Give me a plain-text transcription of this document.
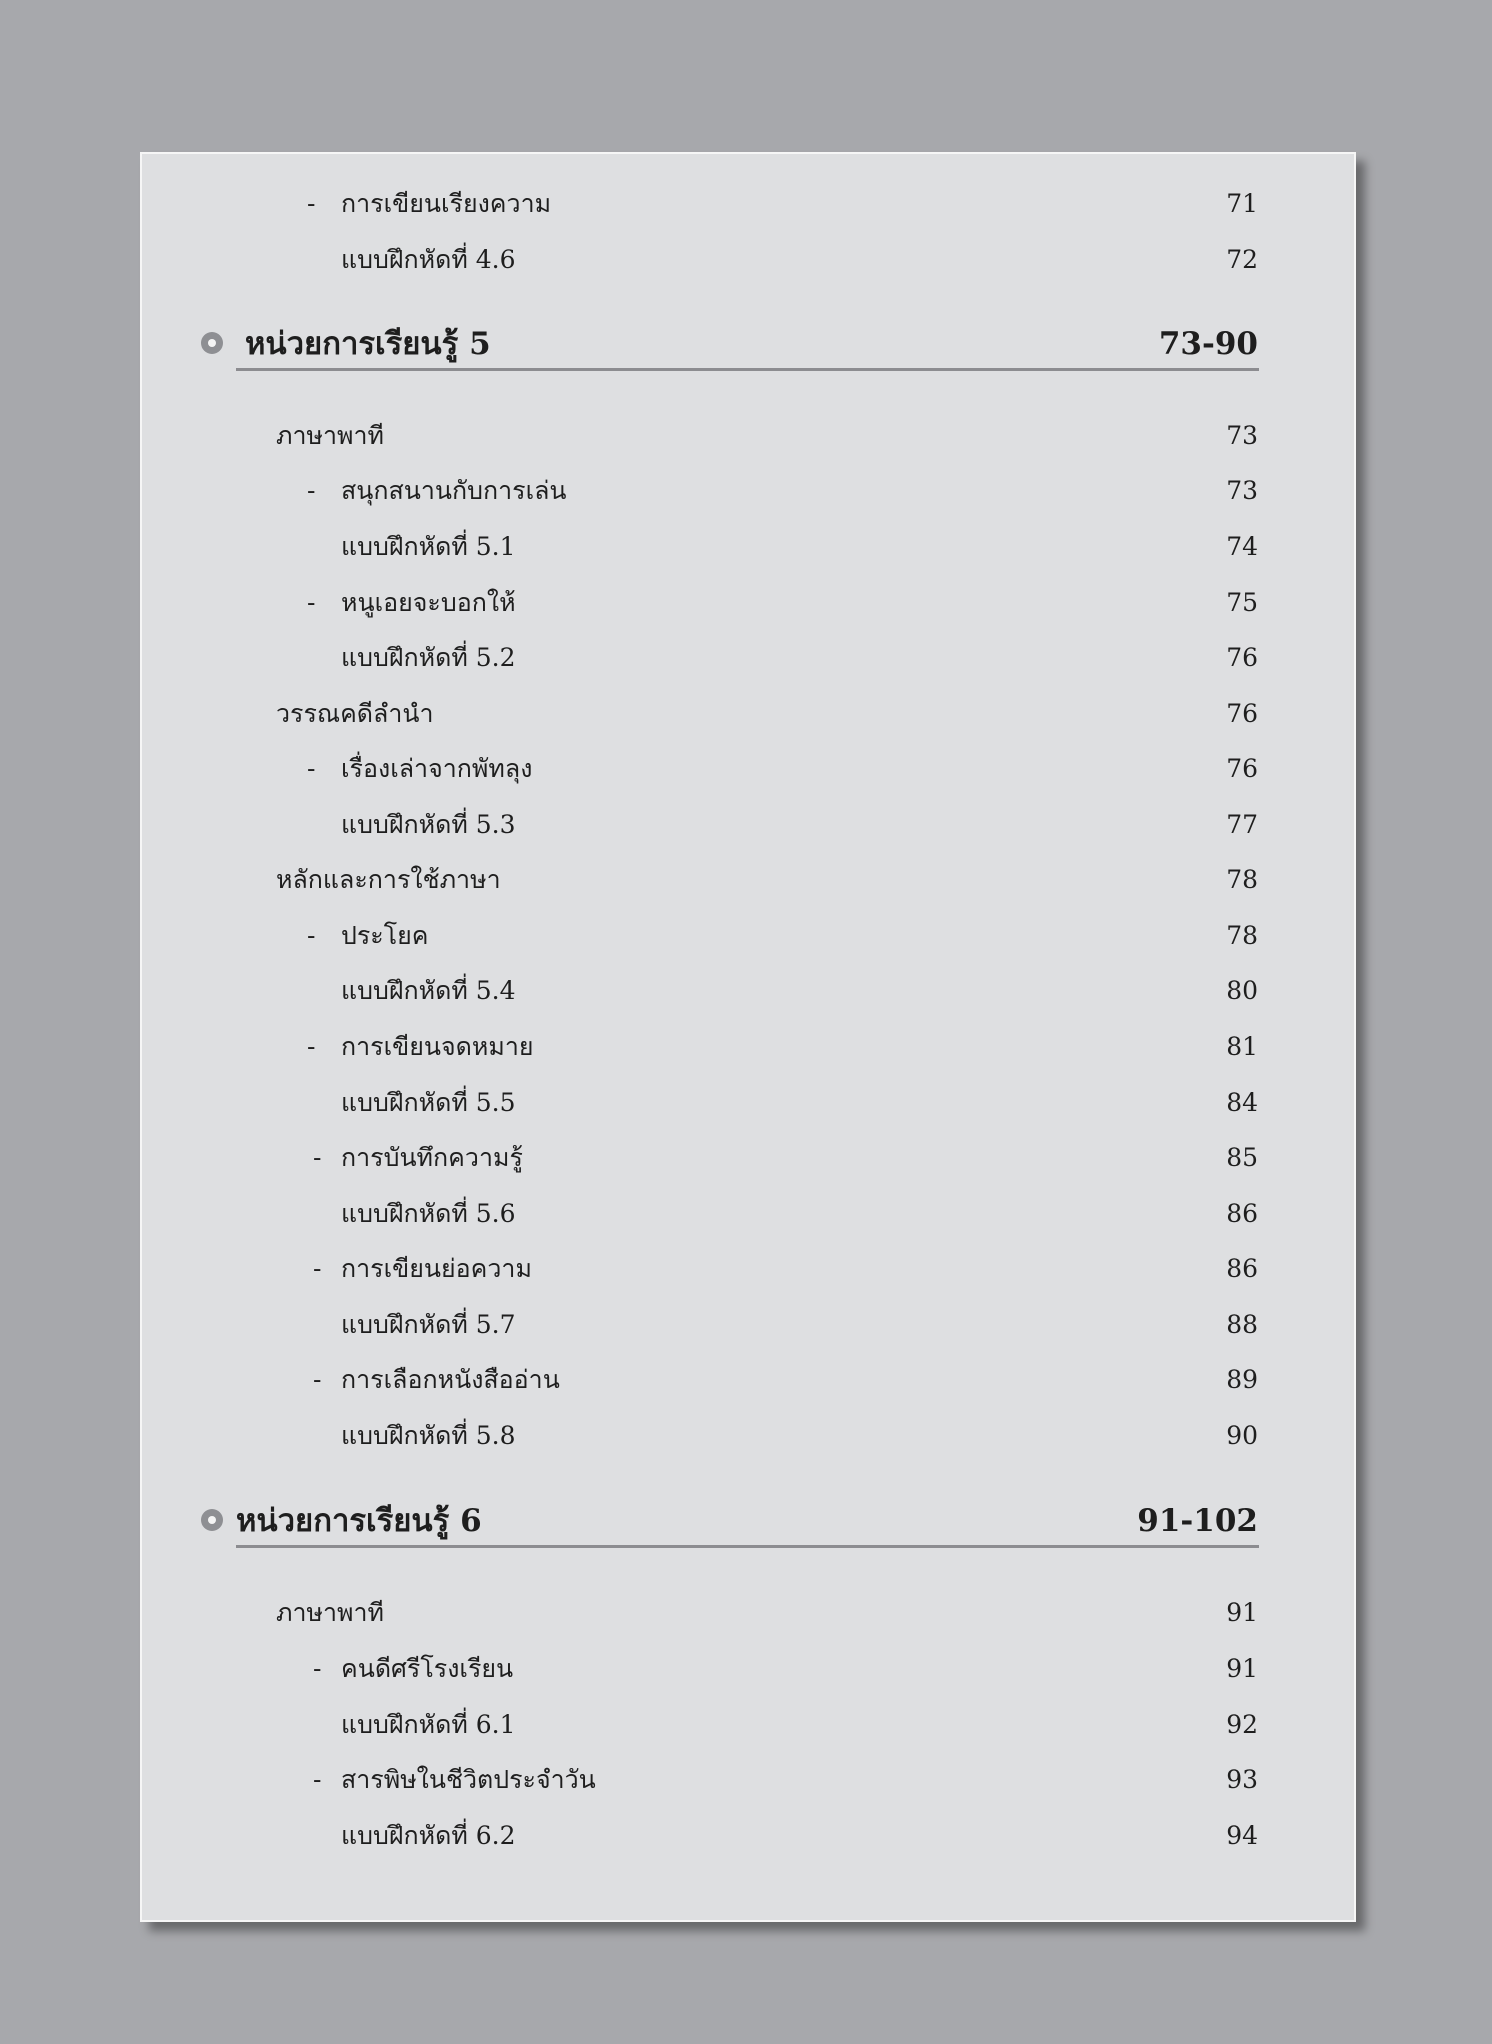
- การเขียนเรียงความ	71
แบบฝึกหัดที่ 4.6	72
หน่วยการเรียนรู้ 5	73-90
ภาษาพาที	73
- สนุกสนานกับการเล่น	73
แบบฝึกหัดที่ 5.1	74
- หนูเอยจะบอกให้	75
แบบฝึกหัดที่ 5.2	76
วรรณคดีลำนำ	76
- เรื่องเล่าจากพัทลุง	76
แบบฝึกหัดที่ 5.3	77
หลักและการใช้ภาษา	78
- ประโยค	78
แบบฝึกหัดที่ 5.4	80
- การเขียนจดหมาย	81
แบบฝึกหัดที่ 5.5	84
- การบันทึกความรู้	85
แบบฝึกหัดที่ 5.6	86
- การเขียนย่อความ	86
แบบฝึกหัดที่ 5.7	88
- การเลือกหนังสืออ่าน	89
แบบฝึกหัดที่ 5.8	90
หน่วยการเรียนรู้ 6	91-102
ภาษาพาที	91
- คนดีศรีโรงเรียน	91
แบบฝึกหัดที่ 6.1	92
- สารพิษในชีวิตประจำวัน	93
แบบฝึกหัดที่ 6.2	94
